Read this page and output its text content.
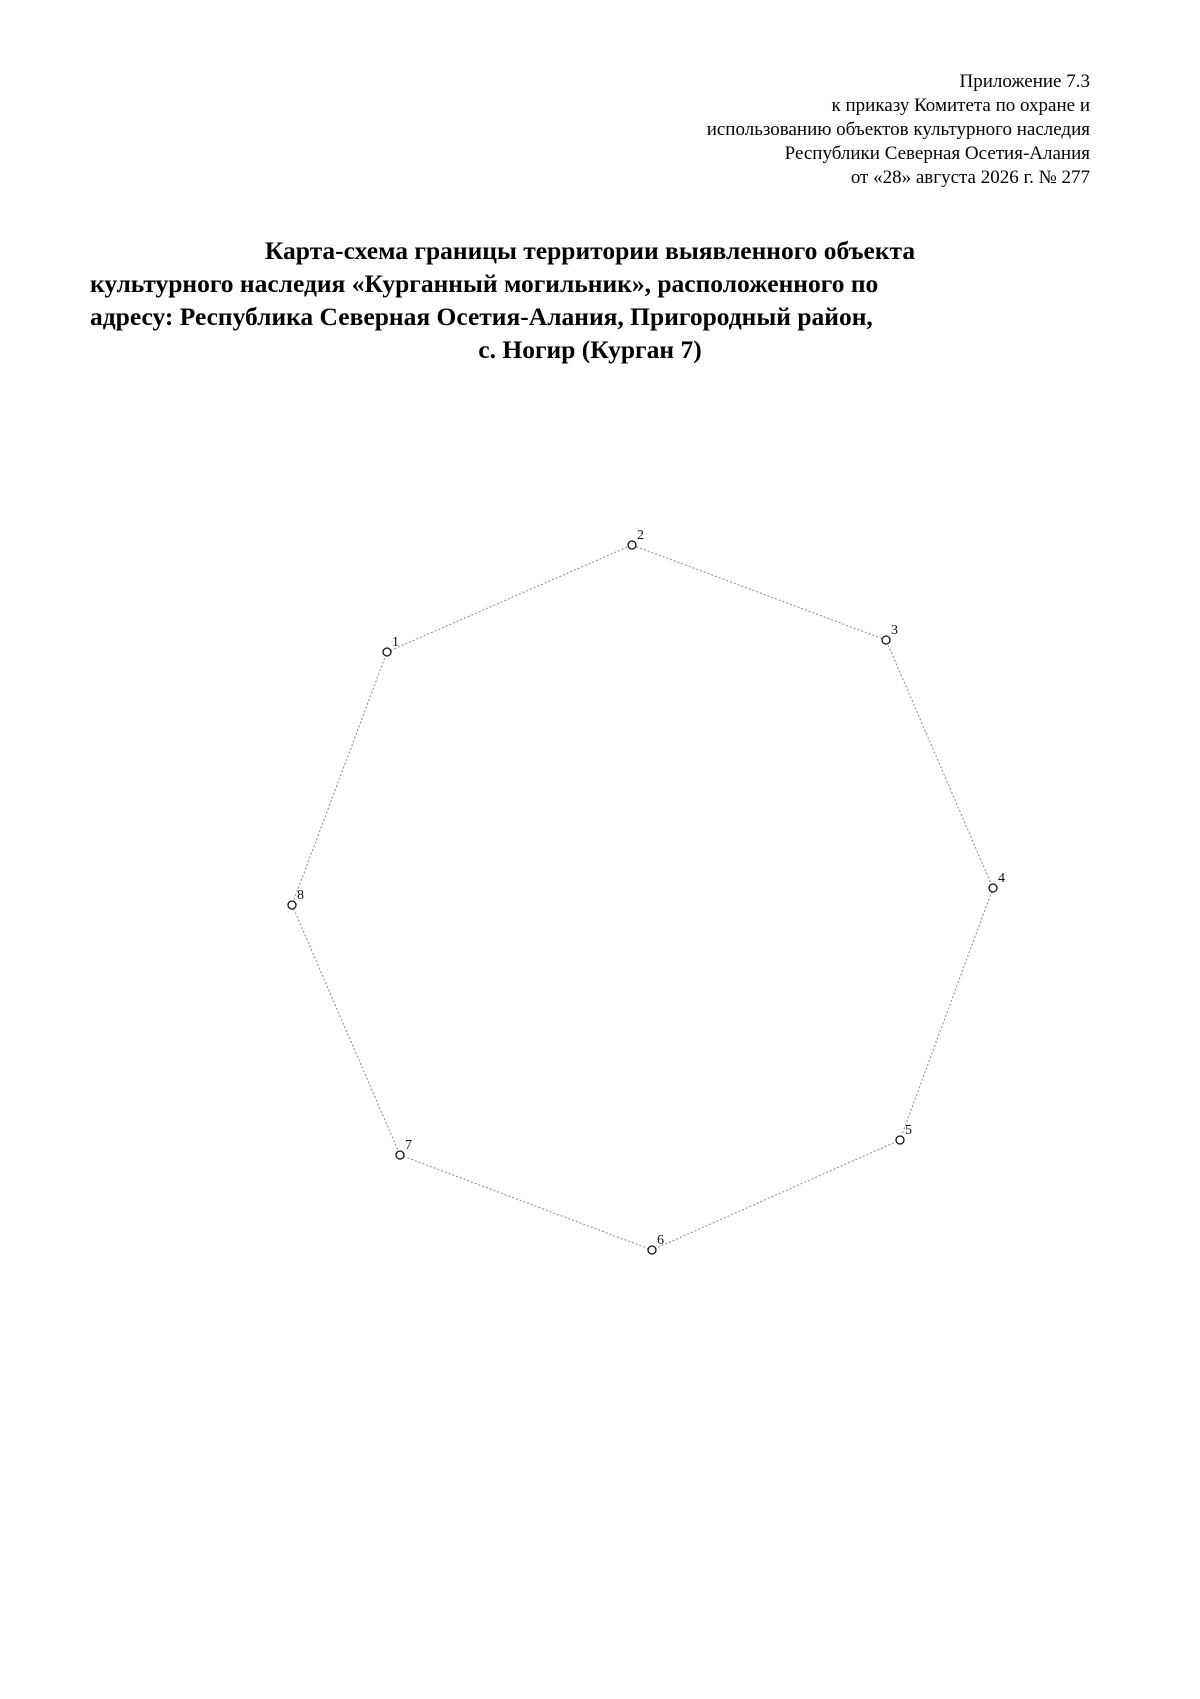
Приложение 7.3
к приказу Комитета по охране и
использованию объектов культурного наследия
Республики Северная Осетия-Алания
от «28» августа 2026 г. № 277
Карта-схема границы территории выявленного объекта
культурного наследия «Курганный могильник», расположенного по
адресу: Республика Северная Осетия-Алания, Пригородный район,
с. Ногир (Курган 7)
1
2
3
4
5
6
7
8
